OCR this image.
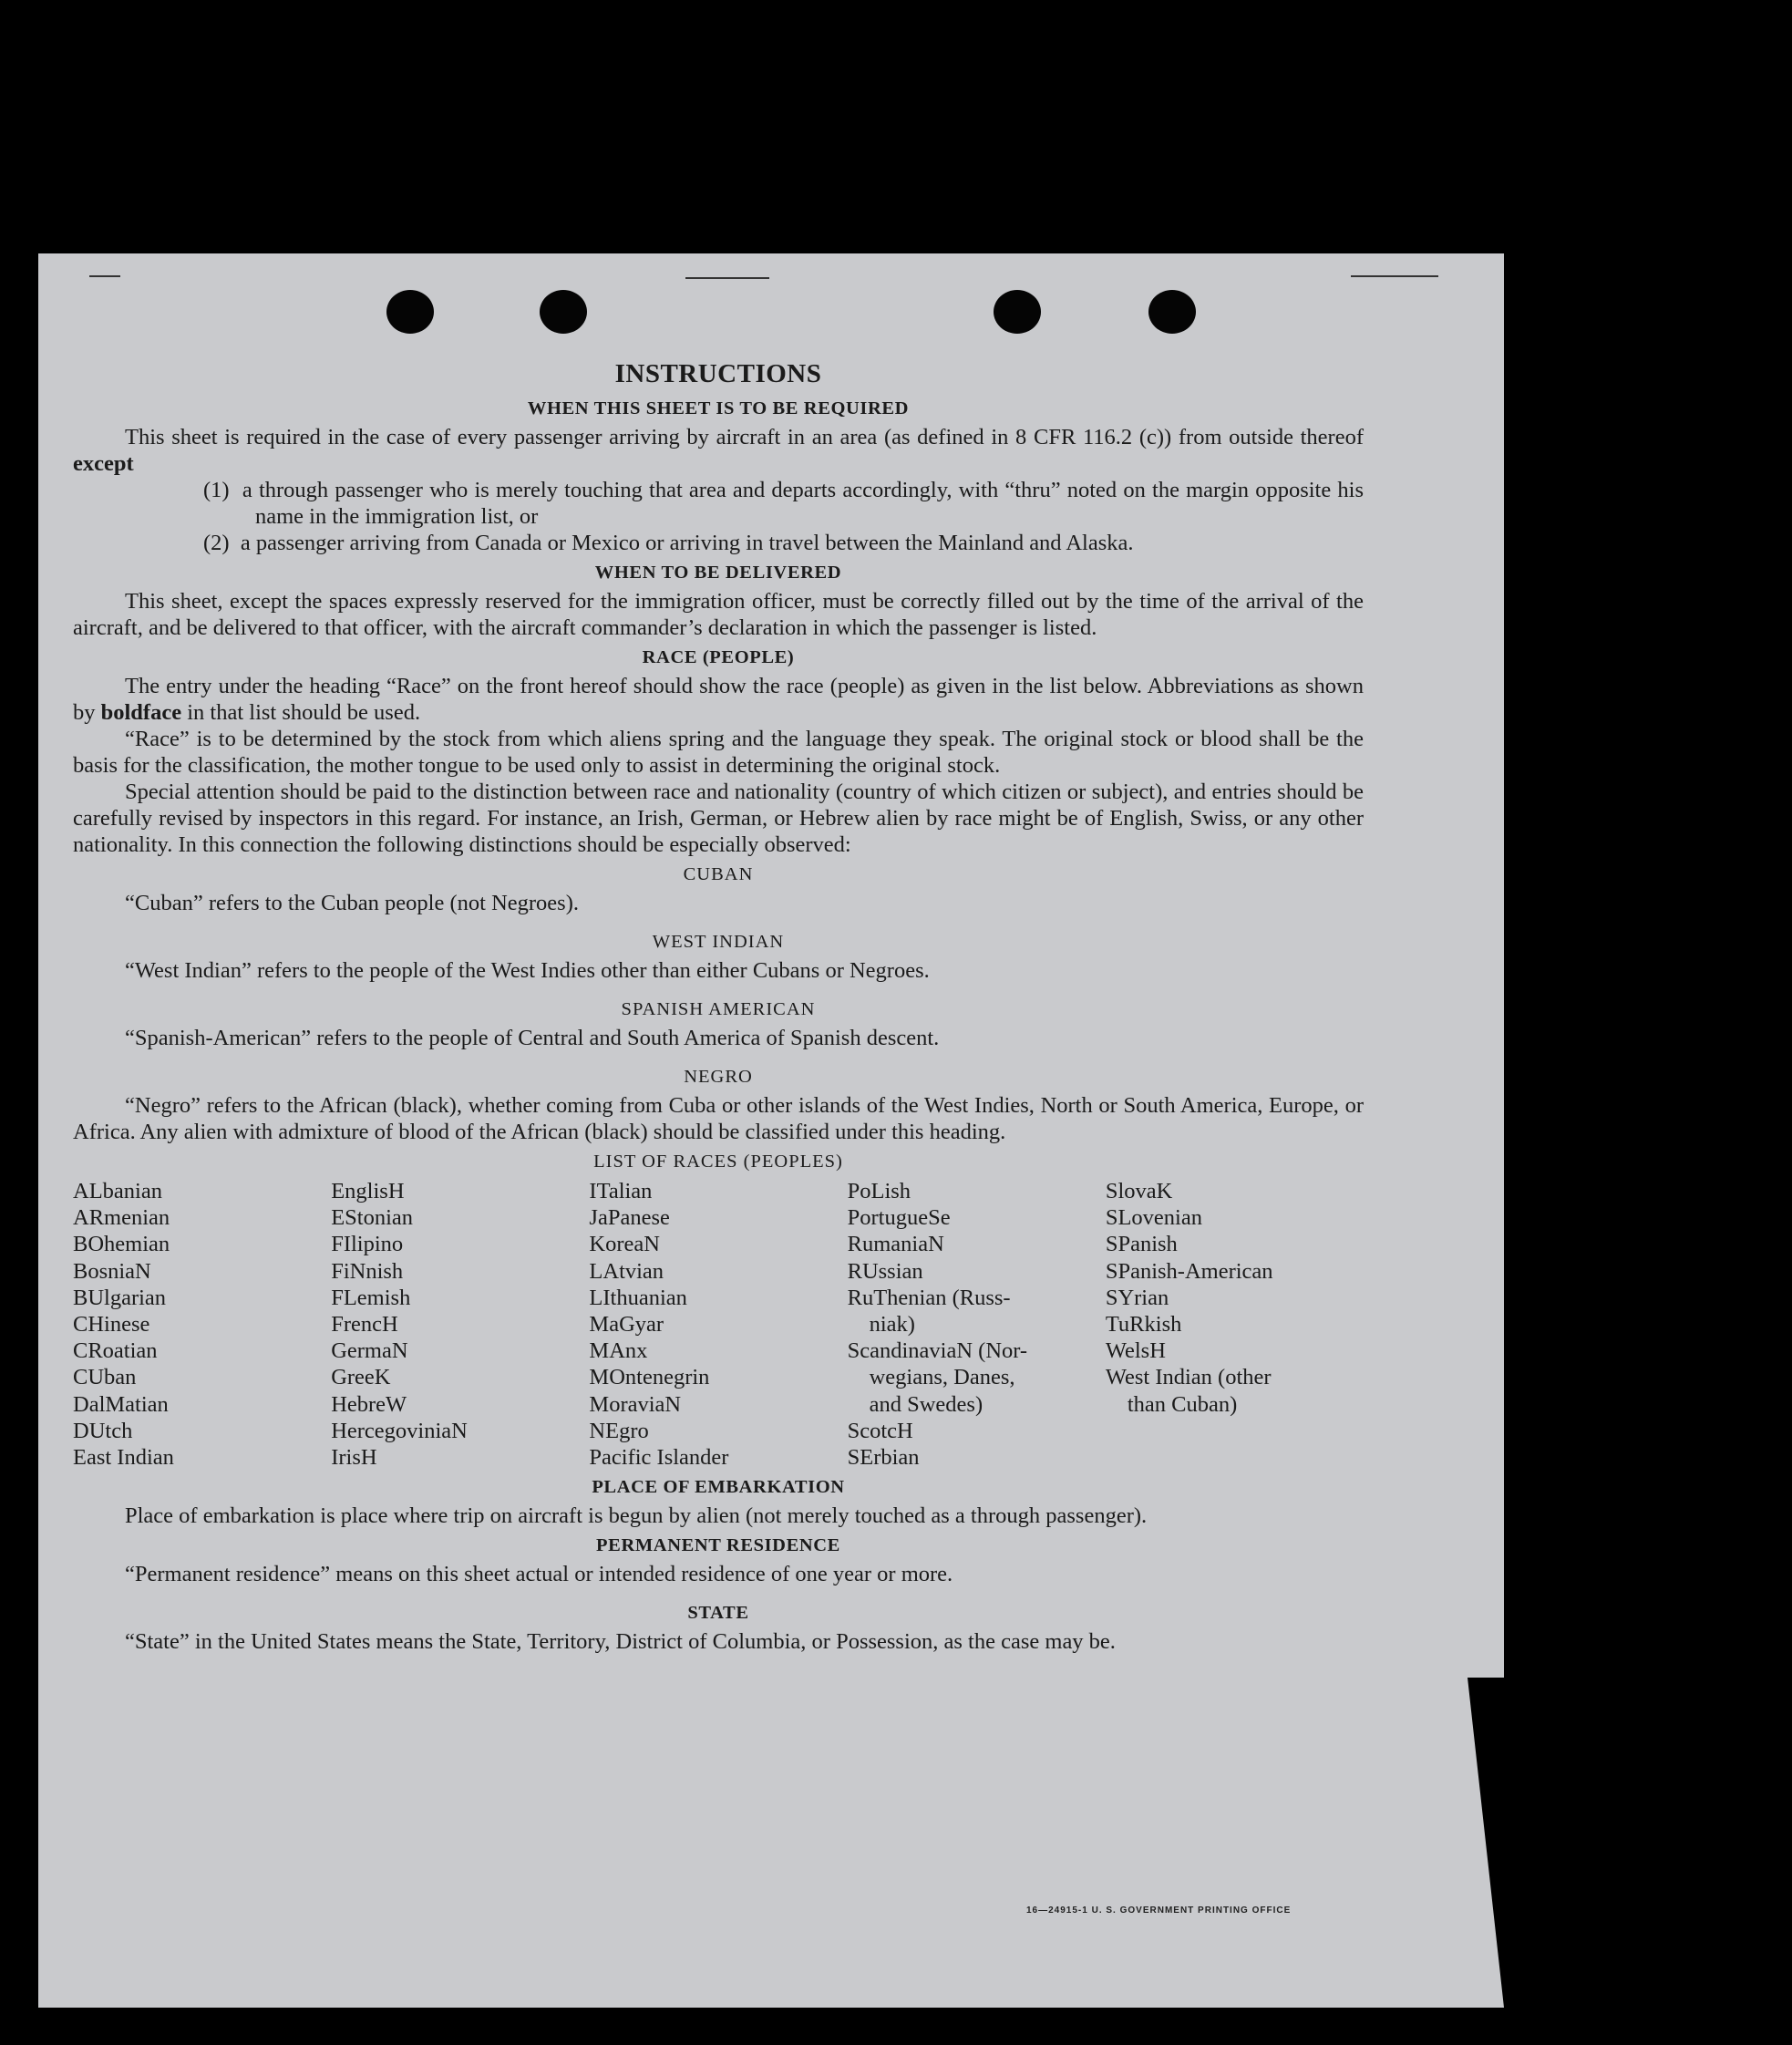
INSTRUCTIONS
WHEN THIS SHEET IS TO BE REQUIRED

This sheet is required in the case of every passenger arriving by aircraft in an area (as defined in 8 CFR 116.2 (c)) from outside thereof except

(1) a through passenger who is merely touching that area and departs accordingly, with “thru” noted on the margin opposite his name in the immigration list, or

(2) a passenger arriving from Canada or Mexico or arriving in travel between the Mainland and Alaska.

WHEN TO BE DELIVERED

This sheet, except the spaces expressly reserved for the immigration officer, must be correctly filled out by the time of the arrival of the aircraft, and be delivered to that officer, with the aircraft commander’s declaration in which the passenger is listed.

RACE (PEOPLE)

The entry under the heading “Race” on the front hereof should show the race (people) as given in the list below. Abbreviations as shown by boldface in that list should be used.

“Race” is to be determined by the stock from which aliens spring and the language they speak. The original stock or blood shall be the basis for the classification, the mother tongue to be used only to assist in determining the original stock.

Special attention should be paid to the distinction between race and nationality (country of which citizen or subject), and entries should be carefully revised by inspectors in this regard. For instance, an Irish, German, or Hebrew alien by race might be of English, Swiss, or any other nationality. In this connection the following distinctions should be especially observed:

CUBAN

“Cuban” refers to the Cuban people (not Negroes).

WEST INDIAN

“West Indian” refers to the people of the West Indies other than either Cubans or Negroes.

SPANISH AMERICAN

“Spanish-American” refers to the people of Central and South America of Spanish descent.

NEGRO

“Negro” refers to the African (black), whether coming from Cuba or other islands of the West Indies, North or South America, Europe, or Africa. Any alien with admixture of blood of the African (black) should be classified under this heading.

LIST OF RACES (PEOPLES)

ALbanian

ARmenian

BOhemian

BosniaN

BUlgarian

CHinese

CRoatian

CUban

DalMatian

DUtch

East Indian

EnglisH

EStonian

FIlipino

FiNnish

FLemish

FrencH

GermaN

GreeK

HebreW

HercegoviniaN

IrisH

ITalian

JaPanese

KoreaN

LAtvian

LIthuanian

MaGyar

MAnx

MOntenegrin

MoraviaN

NEgro

Pacific Islander

PoLish

PortugueSe

RumaniaN

RUssian

RuThenian (Russ-

niak)

ScandinaviaN (Nor-

wegians, Danes,

and Swedes)

ScotcH

SErbian

SlovaK

SLovenian

SPanish

SPanish-American

SYrian

TuRkish

WelsH

West Indian (other

than Cuban)

PLACE OF EMBARKATION

Place of embarkation is place where trip on aircraft is begun by alien (not merely touched as a through passenger).

PERMANENT RESIDENCE

“Permanent residence” means on this sheet actual or intended residence of one year or more.

STATE

“State” in the United States means the State, Territory, District of Columbia, or Possession, as the case may be.

16—24915-1 U. S. GOVERNMENT PRINTING OFFICE
